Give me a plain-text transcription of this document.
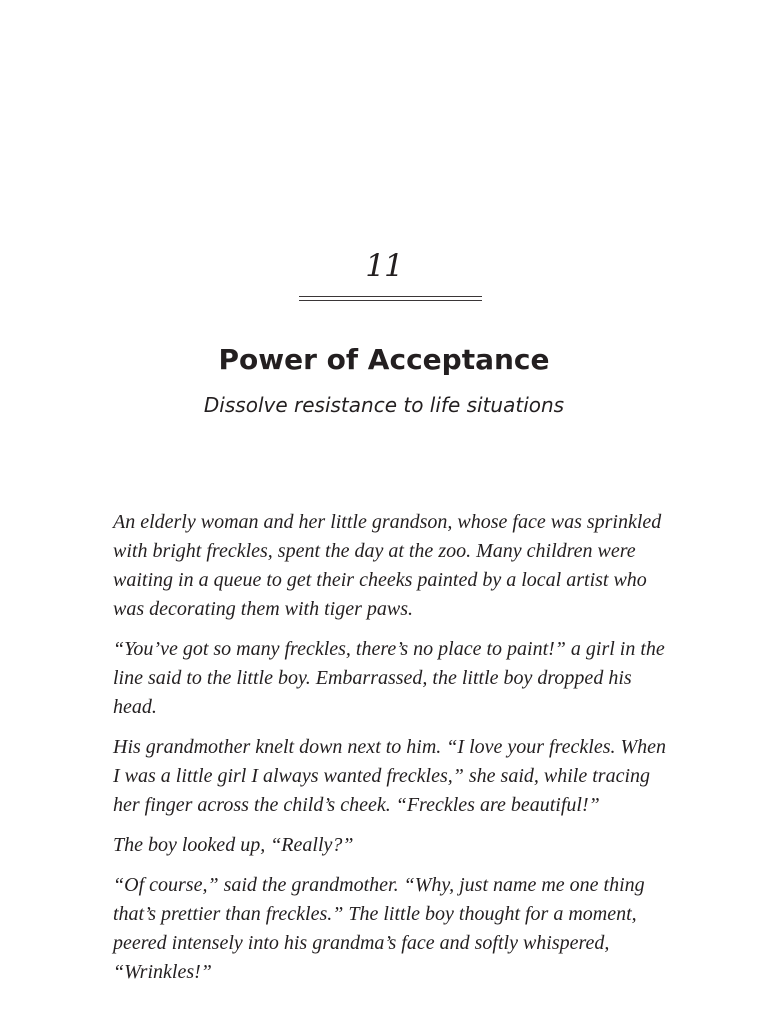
11
Power of Acceptance
Dissolve resistance to life situations

An elderly woman and her little grandson, whose face was sprinkled with bright freckles, spent the day at the zoo. Many children were waiting in a queue to get their cheeks painted by a local artist who was decorating them with tiger paws.

“You’ve got so many freckles, there’s no place to paint!” a girl in the line said to the little boy. Embarrassed, the little boy dropped his head.

His grandmother knelt down next to him. “I love your freckles. When I was a little girl I always wanted freckles,” she said, while tracing her finger across the child’s cheek. “Freckles are beautiful!”

The boy looked up, “Really?”

“Of course,” said the grandmother. “Why, just name me one thing that’s prettier than freckles.” The little boy thought for a moment, peered intensely into his grandma’s face and softly whispered, “Wrinkles!”
